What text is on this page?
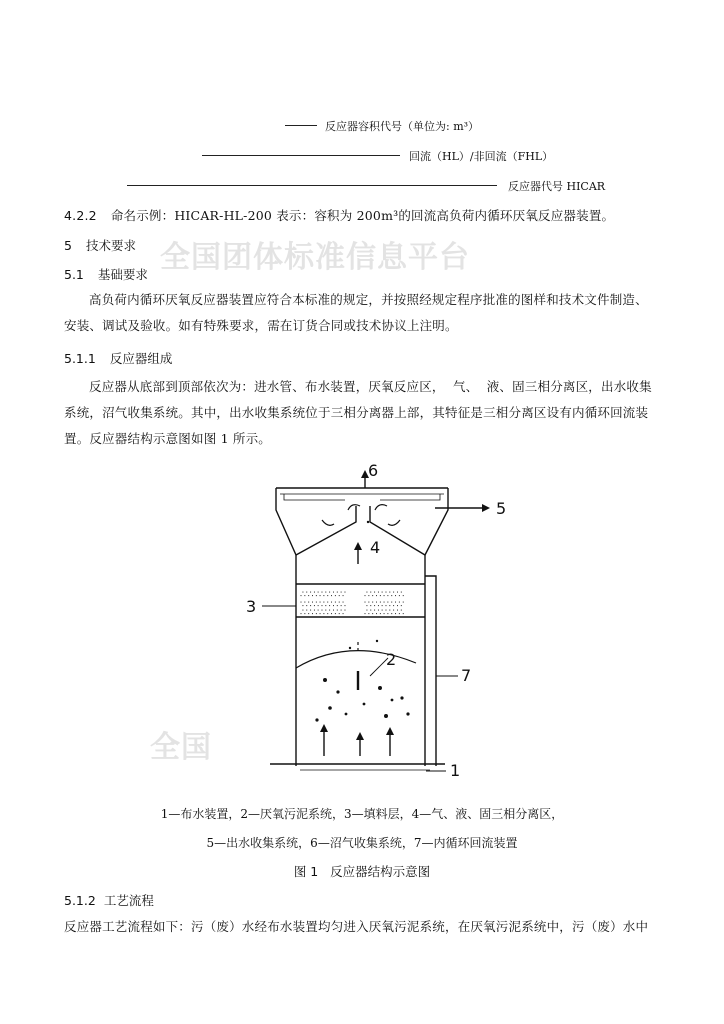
全国团体标准信息平台
全国
反应器容积代号（单位为: m³）
回流（HL）/非回流（FHL）
反应器代号 HICAR
4.2.2 命名示例：HICAR-HL-200 表示：容积为 200m³的回流高负荷内循环厌氧反应器装置。
5 技术要求
5.1 基础要求
高负荷内循环厌氧反应器装置应符合本标准的规定，并按照经规定程序批准的图样和技术文件制造、
安装、调试及验收。如有特殊要求，需在订货合同或技术协议上注明。
5.1.1 反应器组成
反应器从底部到顶部依次为：进水管、布水装置，厌氧反应区，  气、  液、固三相分离区，出水收集
系统，沼气收集系统。其中，出水收集系统位于三相分离器上部，其特征是三相分离区设有内循环回流装
置。反应器结构示意图如图 1 所示。
∴∵∴∵∴∵∴∵
∵∴∵∴∵∴∵∴
∴∵∴∵∴∵∴∵
∴∵∴∵∴∵∴
∵∴∵∴∵∴∵
∴∵∴∵∴∵∴
6
5
4
3
2
7
1
1—布水装置，2—厌氧污泥系统，3—填料层，4—气、液、固三相分离区，
5—出水收集系统，6—沼气收集系统，7—内循环回流装置
图 1   反应器结构示意图
5.1.2 工艺流程
反应器工艺流程如下：污（废）水经布水装置均匀进入厌氧污泥系统，在厌氧污泥系统中，污（废）水中
